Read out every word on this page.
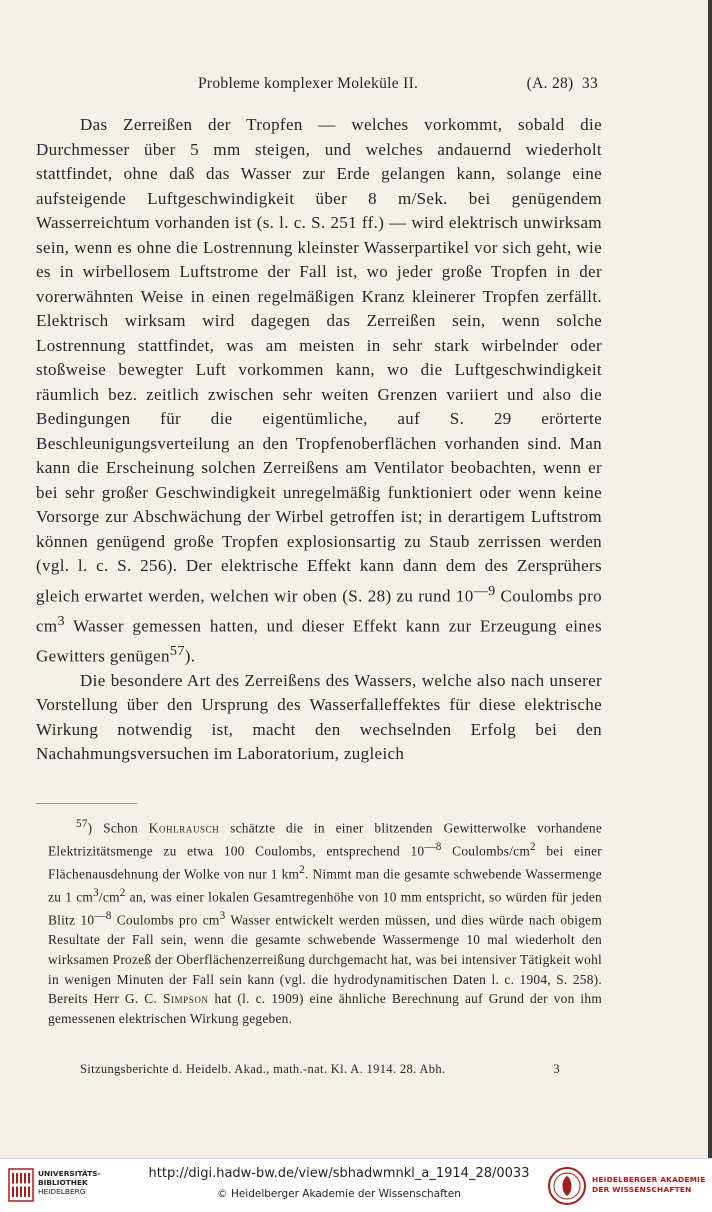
Probleme komplexer Moleküle II.	(A. 28) 33

Das Zerreißen der Tropfen — welches vorkommt, sobald die Durchmesser über 5 mm steigen, und welches andauernd wiederholt stattfindet, ohne daß das Wasser zur Erde gelangen kann, solange eine aufsteigende Luftgeschwindigkeit über 8 m/Sek. bei genügendem Wasserreichtum vorhanden ist (s. l. c. S. 251 ff.) — wird elektrisch unwirksam sein, wenn es ohne die Lostrennung kleinster Wasserpartikel vor sich geht, wie es in wirbellosem Luftstrome der Fall ist, wo jeder große Tropfen in der vorerwähnten Weise in einen regelmäßigen Kranz kleinerer Tropfen zerfällt. Elektrisch wirksam wird dagegen das Zerreißen sein, wenn solche Lostrennung stattfindet, was am meisten in sehr stark wirbelnder oder stoßweise bewegter Luft vorkommen kann, wo die Luftgeschwindigkeit räumlich bez. zeitlich zwischen sehr weiten Grenzen variiert und also die Bedingungen für die eigentümliche, auf S. 29 erörterte Beschleunigungsverteilung an den Tropfenoberflächen vorhanden sind. Man kann die Erscheinung solchen Zerreißens am Ventilator beobachten, wenn er bei sehr großer Geschwindigkeit unregelmäßig funktioniert oder wenn keine Vorsorge zur Abschwächung der Wirbel getroffen ist; in derartigem Luftstrom können genügend große Tropfen explosionsartig zu Staub zerrissen werden (vgl. l. c. S. 256). Der elektrische Effekt kann dann dem des Zersprühers gleich erwartet werden, welchen wir oben (S. 28) zu rund $10^{—9}$ Coulombs pro $cm^3$ Wasser gemessen hatten, und dieser Effekt kann zur Erzeugung eines Gewitters genügen$^{57}$).

Die besondere Art des Zerreißens des Wassers, welche also nach unserer Vorstellung über den Ursprung des Wasserfalleffektes für diese elektrische Wirkung notwendig ist, macht den wechselnden Erfolg bei den Nachahmungsversuchen im Laboratorium, zugleich

$^{57}$) Schon Kohlrausch schätzte die in einer blitzenden Gewitterwolke vorhandene Elektrizitätsmenge zu etwa 100 Coulombs, entsprechend $10^{—8}$ Coulombs/$cm^2$ bei einer Flächenausdehnung der Wolke von nur 1 $km^2$. Nimmt man die gesamte schwebende Wassermenge zu 1 $cm^3/cm^2$ an, was einer lokalen Gesamtregenhöhe von 10 mm entspricht, so würden für jeden Blitz $10^{—8}$ Coulombs pro $cm^3$ Wasser entwickelt werden müssen, und dies würde nach obigem Resultate der Fall sein, wenn die gesamte schwebende Wassermenge 10 mal wiederholt den wirksamen Prozeß der Oberflächenzerreißung durchgemacht hat, was bei intensiver Tätigkeit wohl in wenigen Minuten der Fall sein kann (vgl. die hydrodynamitischen Daten l. c. 1904, S. 258). Bereits Herr G. C. Simpson hat (l. c. 1909) eine ähnliche Berechnung auf Grund der von ihm gemessenen elektrischen Wirkung gegeben.

Sitzungsberichte d. Heidelb. Akad., math.-nat. Kl. A. 1914. 28. Abh.	3
UNIVERSITÄTS-
BIBLIOTHEK
HEIDELBERG
http://digi.hadw-bw.de/view/sbhadwmnkl_a_1914_28/0033
© Heidelberger Akademie der Wissenschaften
HEIDELBERGER AKADEMIE
DER WISSENSCHAFTEN
